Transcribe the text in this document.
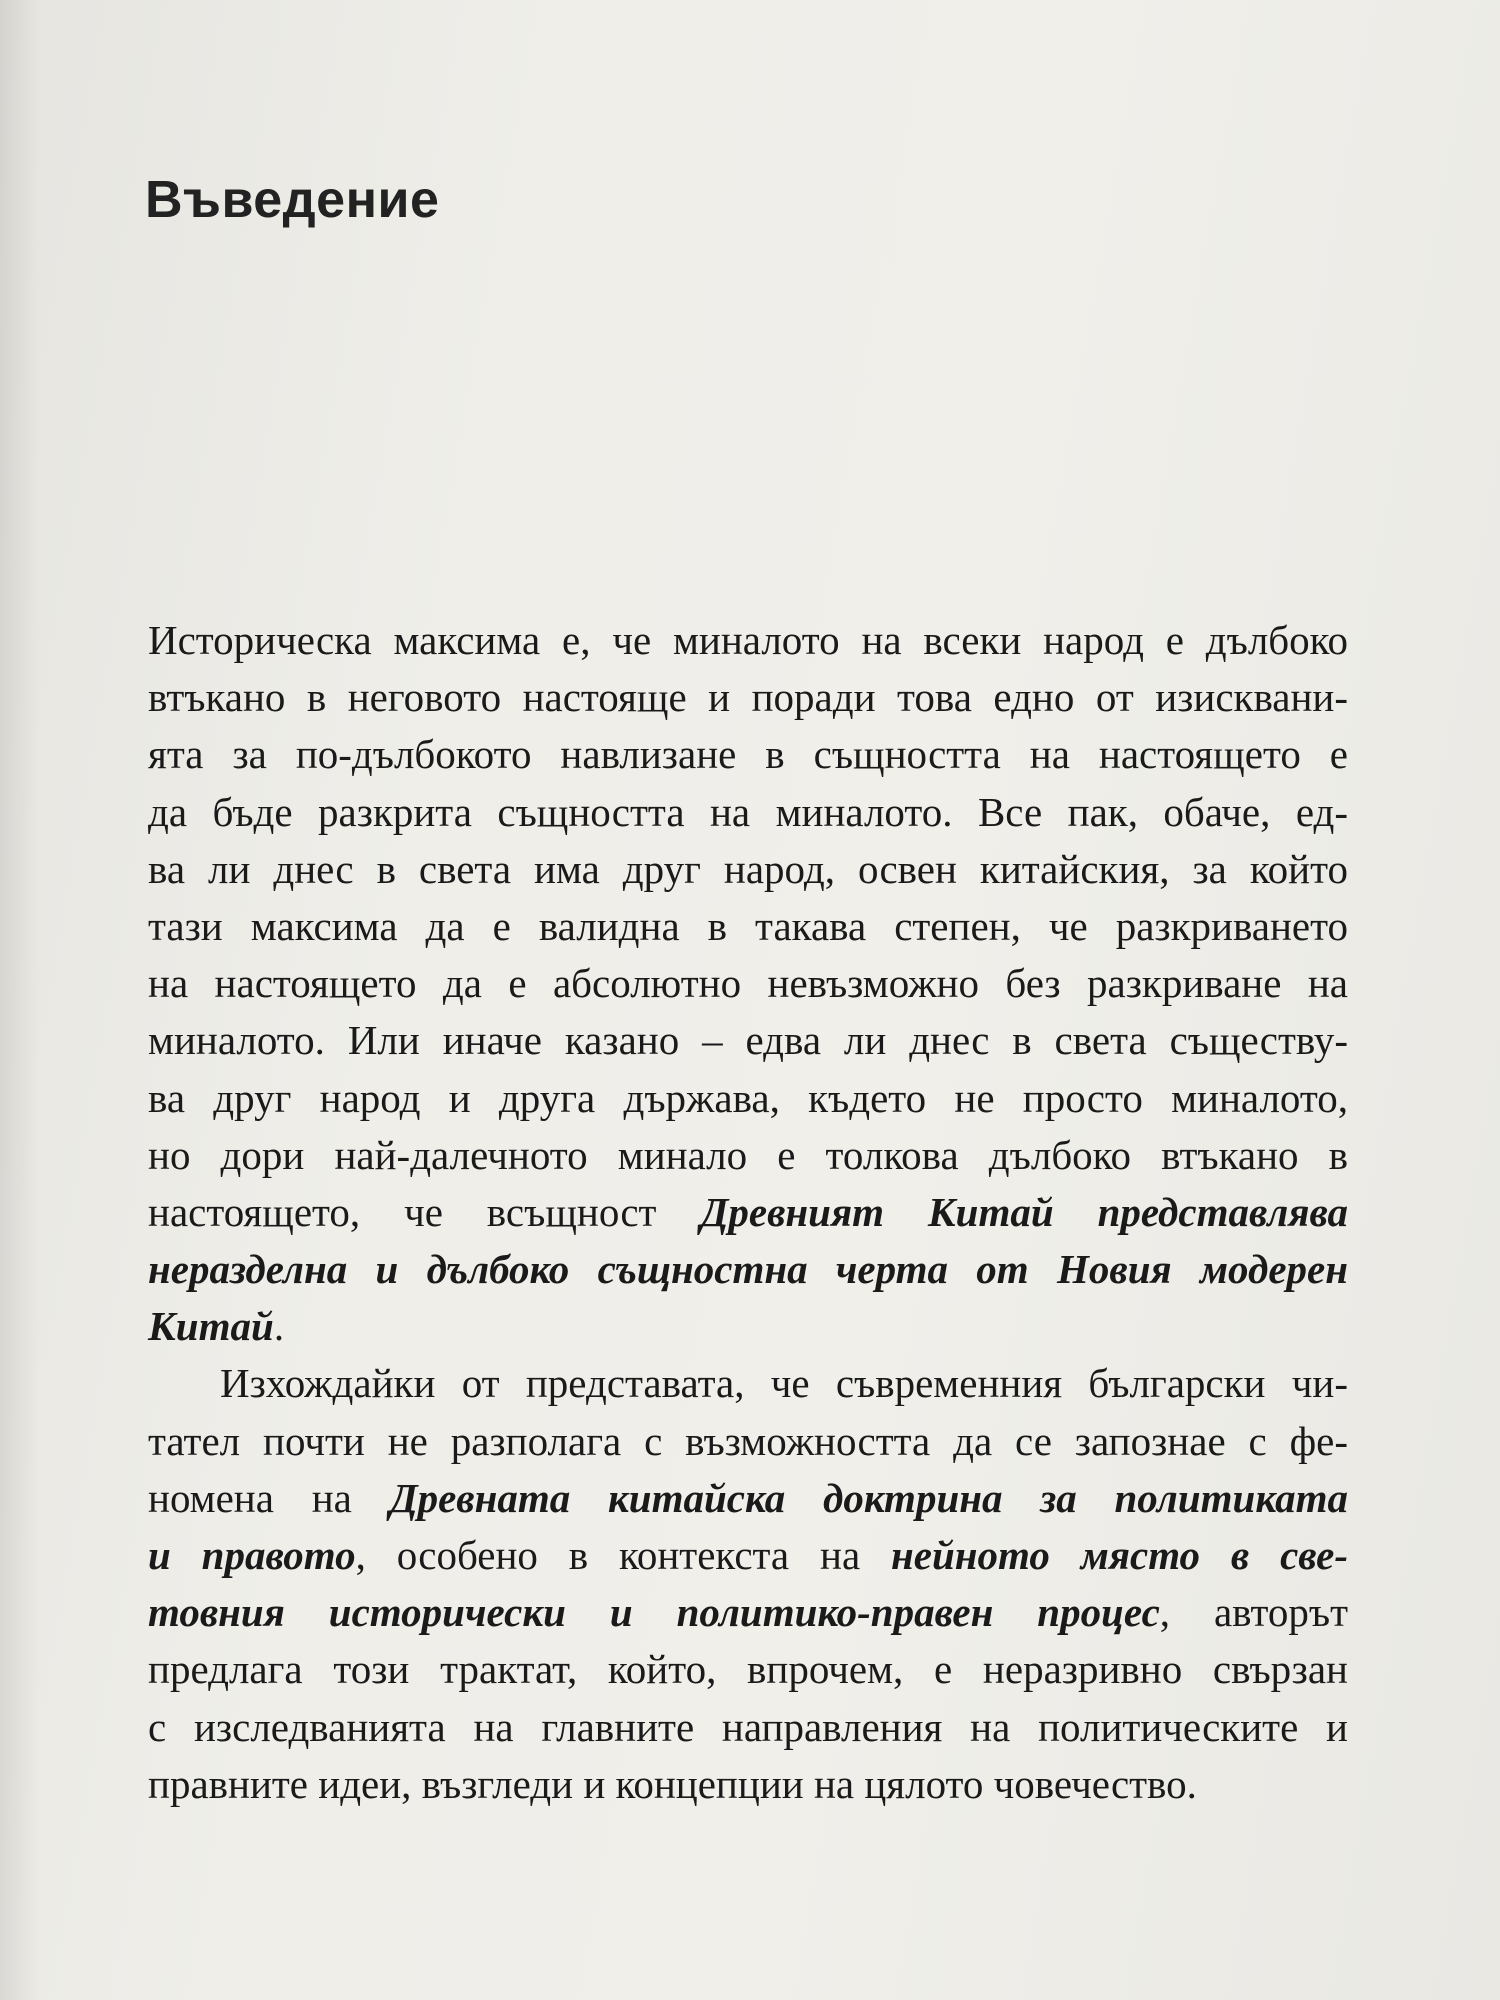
Въведение
Историческа максима е, че миналото на всеки народ е дълбоко
втъкано в неговото настояще и поради това едно от изисквани-
ята за по-дълбокото навлизане в същността на настоящето е
да бъде разкрита същността на миналото. Все пак, обаче, ед-
ва ли днес в света има друг народ, освен китайския, за който
тази максима да е валидна в такава степен, че разкриването
на настоящето да е абсолютно невъзможно без разкриване на
миналото. Или иначе казано – едва ли днес в света съществу-
ва друг народ и друга държава, където не просто миналото,
но дори най-далечното минало е толкова дълбоко втъкано в
настоящето, че всъщност Древният Китай представлява
неразделна и дълбоко същностна черта от Новия модерен
Китай.
Изхождайки от представата, че съвременния български чи-
тател почти не разполага с възможността да се запознае с фе-
номена на Древната китайска доктрина за политиката
и правото, особено в контекста на нейното място в све-
товния исторически и политико-правен процес, авторът
предлага този трактат, който, впрочем, е неразривно свързан
с изследванията на главните направления на политическите и
правните идеи, възгледи и концепции на цялото човечество.
